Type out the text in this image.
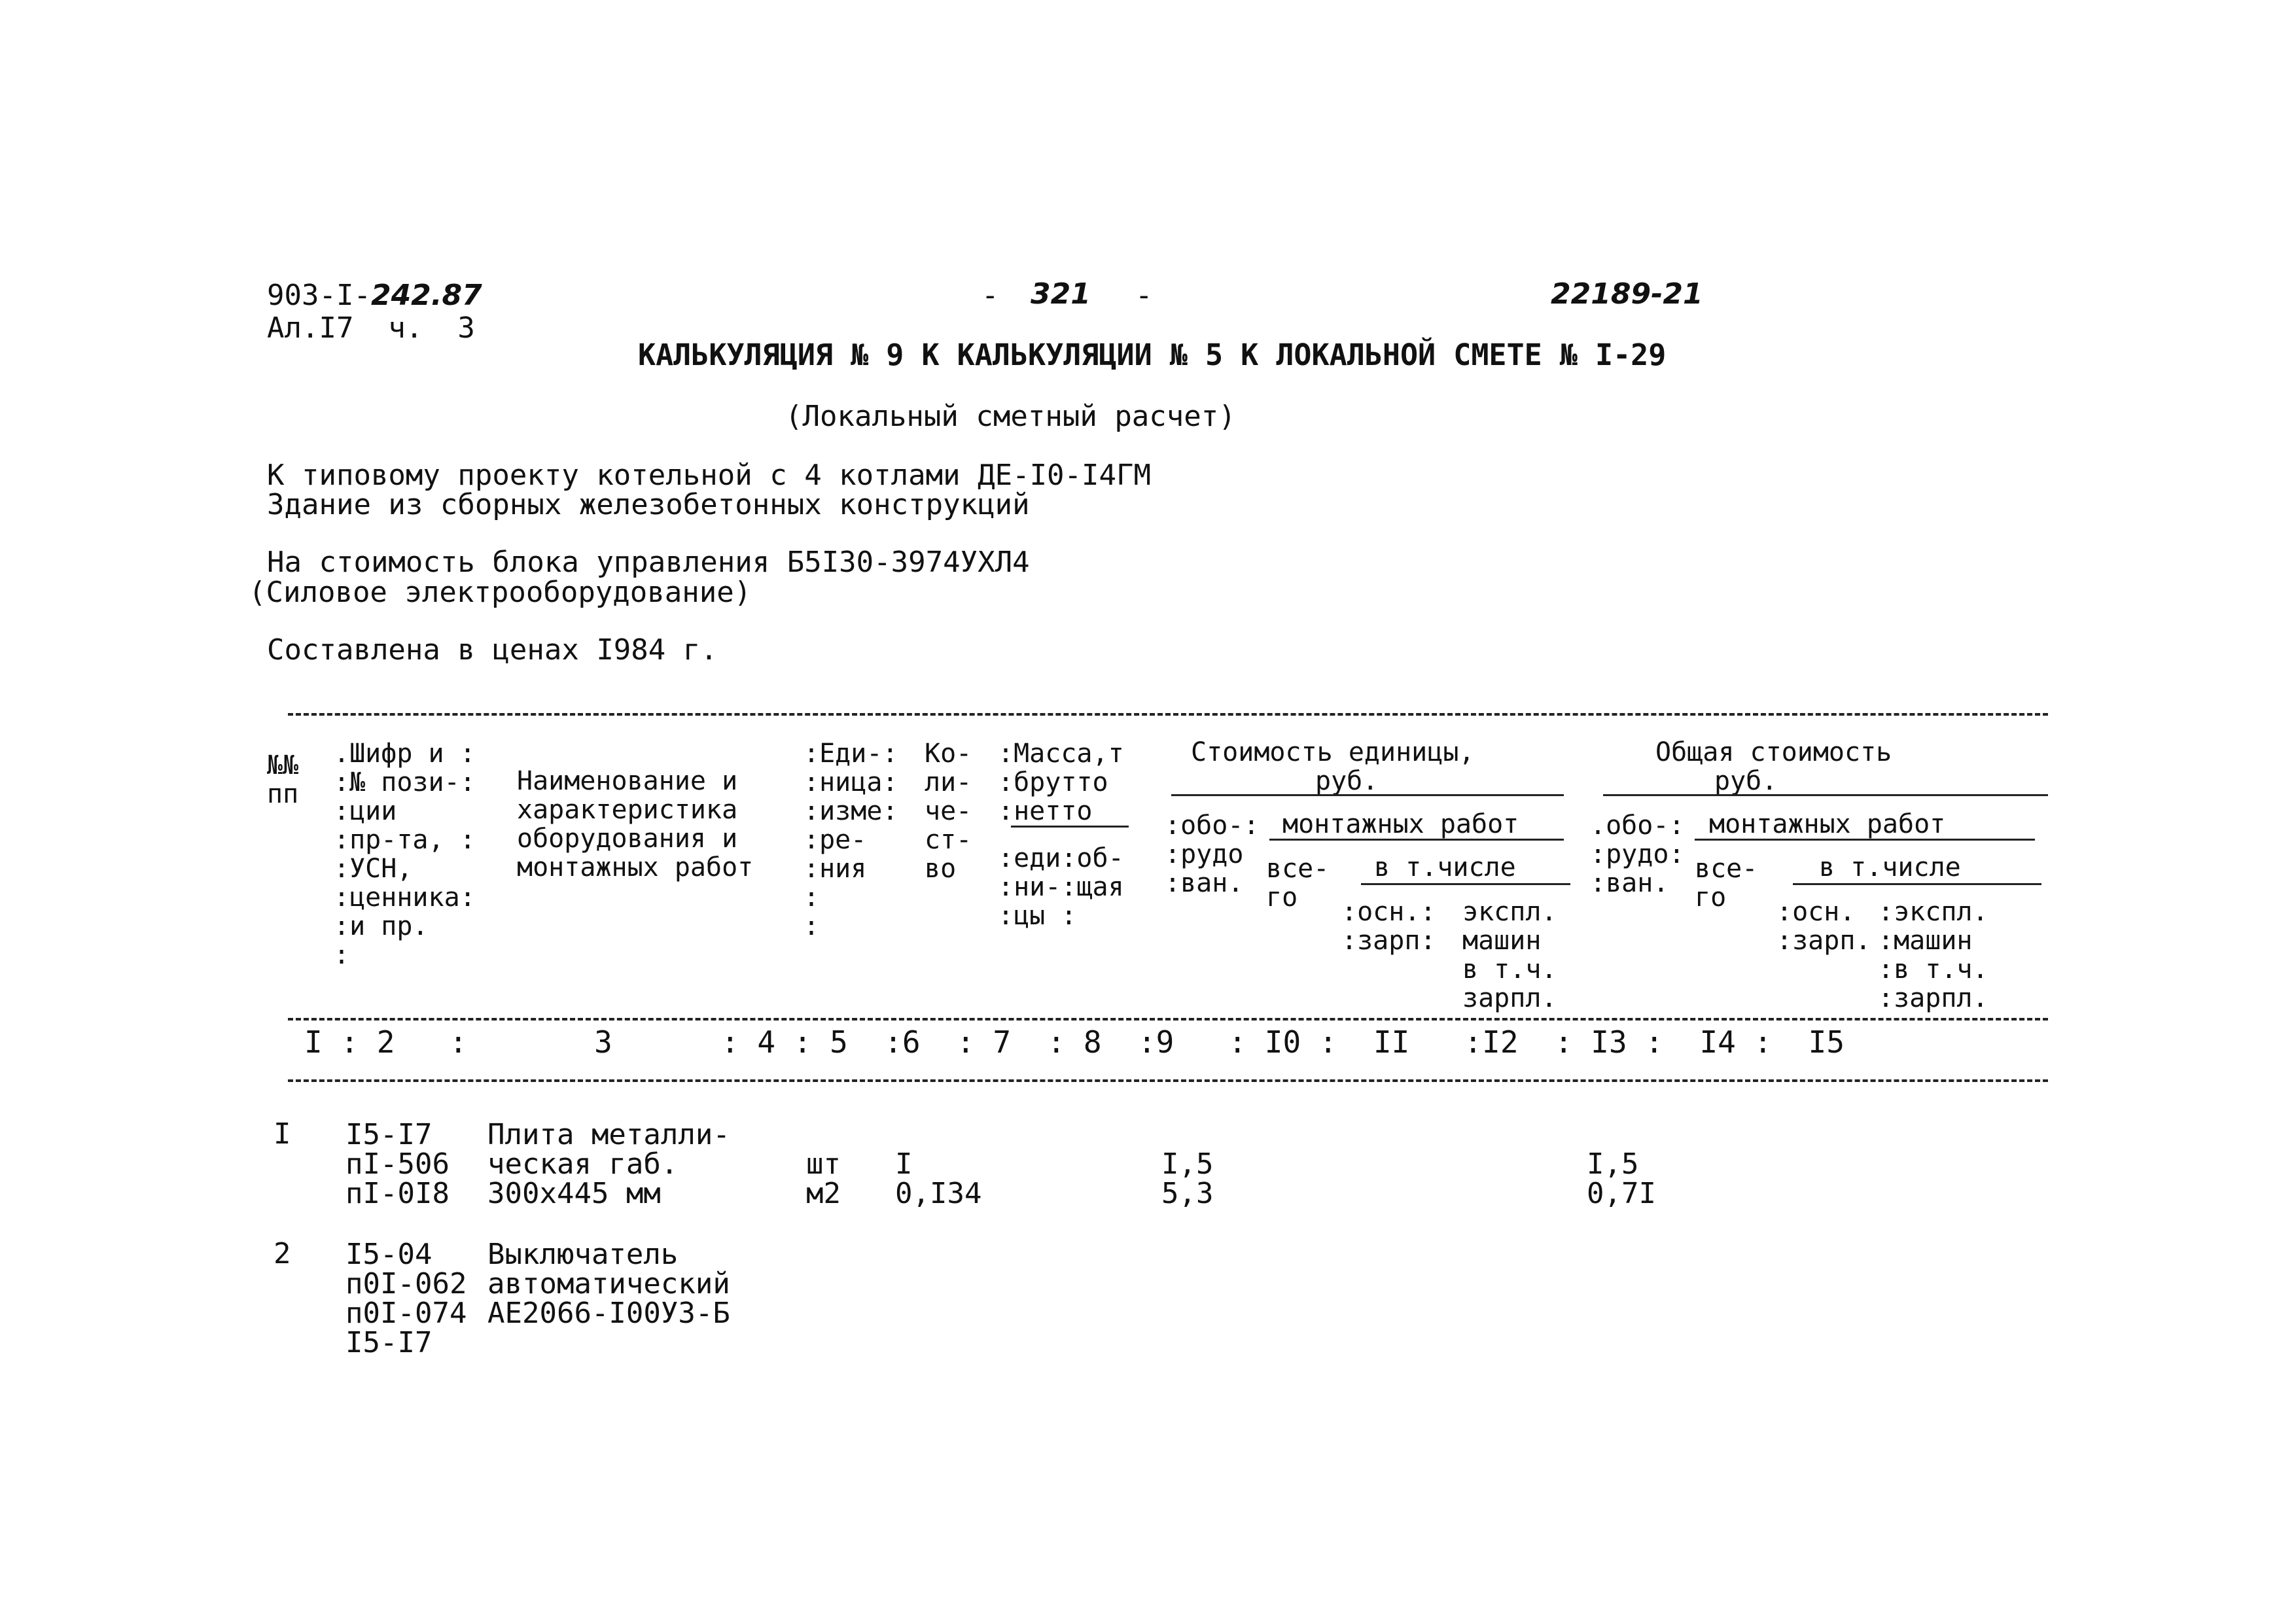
903-I-242.87
Ал.I7  ч.  3
- 321 -	22189-21
КАЛЬКУЛЯЦИЯ № 9 К КАЛЬКУЛЯЦИИ № 5 К ЛОКАЛЬНОЙ СМЕТЕ № I-29
(Локальный сметный расчет)
К типовому проекту котельной с 4 котлами ДЕ-I0-I4ГМ
Здание из сборных железобетонных конструкций
На стоимость блока управления Б5I30-3974УХЛ4
(Силовое электрооборудование)
Составлена в ценах I984 г.
№№
пп
.Шифр и :
:№ пози-:
:ции
:пр-та, :
:УСН,
:ценника:
:и пр.
:
Наименование и
характеристика
оборудования и
монтажных работ
:Еди-:
:ница:
:изме:
:ре-
:ния
:
:
Ко-
ли-
че-
ст-
во
:Масса,т
:брутто
:нетто
:еди:об-
:ни-:щая
:цы :
Стоимость единицы,
руб.
:обо-:
:рудо
:ван.
монтажных работ
все-
го
в т.числе
:осн.:
:зарп:
экспл.
машин
в т.ч.
зарпл.
Общая стоимость
руб.
.обо-:
:рудо:
:ван.
монтажных работ
все-
го
в т.числе
:осн.
:зарп.
:экспл.
:машин
:в т.ч.
:зарпл.
I : 2   :       3      : 4 : 5  :6  : 7  : 8  :9   : I0 :  II   :I2  : I3 :  I4 :  I5
I I5-I7
пI-506
пI-0I8
Плита металли-
ческая габ.
300х445 мм

шт
м2

I
0,I34

I,5
5,3

I,5
0,7I
2 I5-04
п0I-062
п0I-074
I5-I7
Выключатель
автоматический
АЕ2066-I00УЗ-Б
